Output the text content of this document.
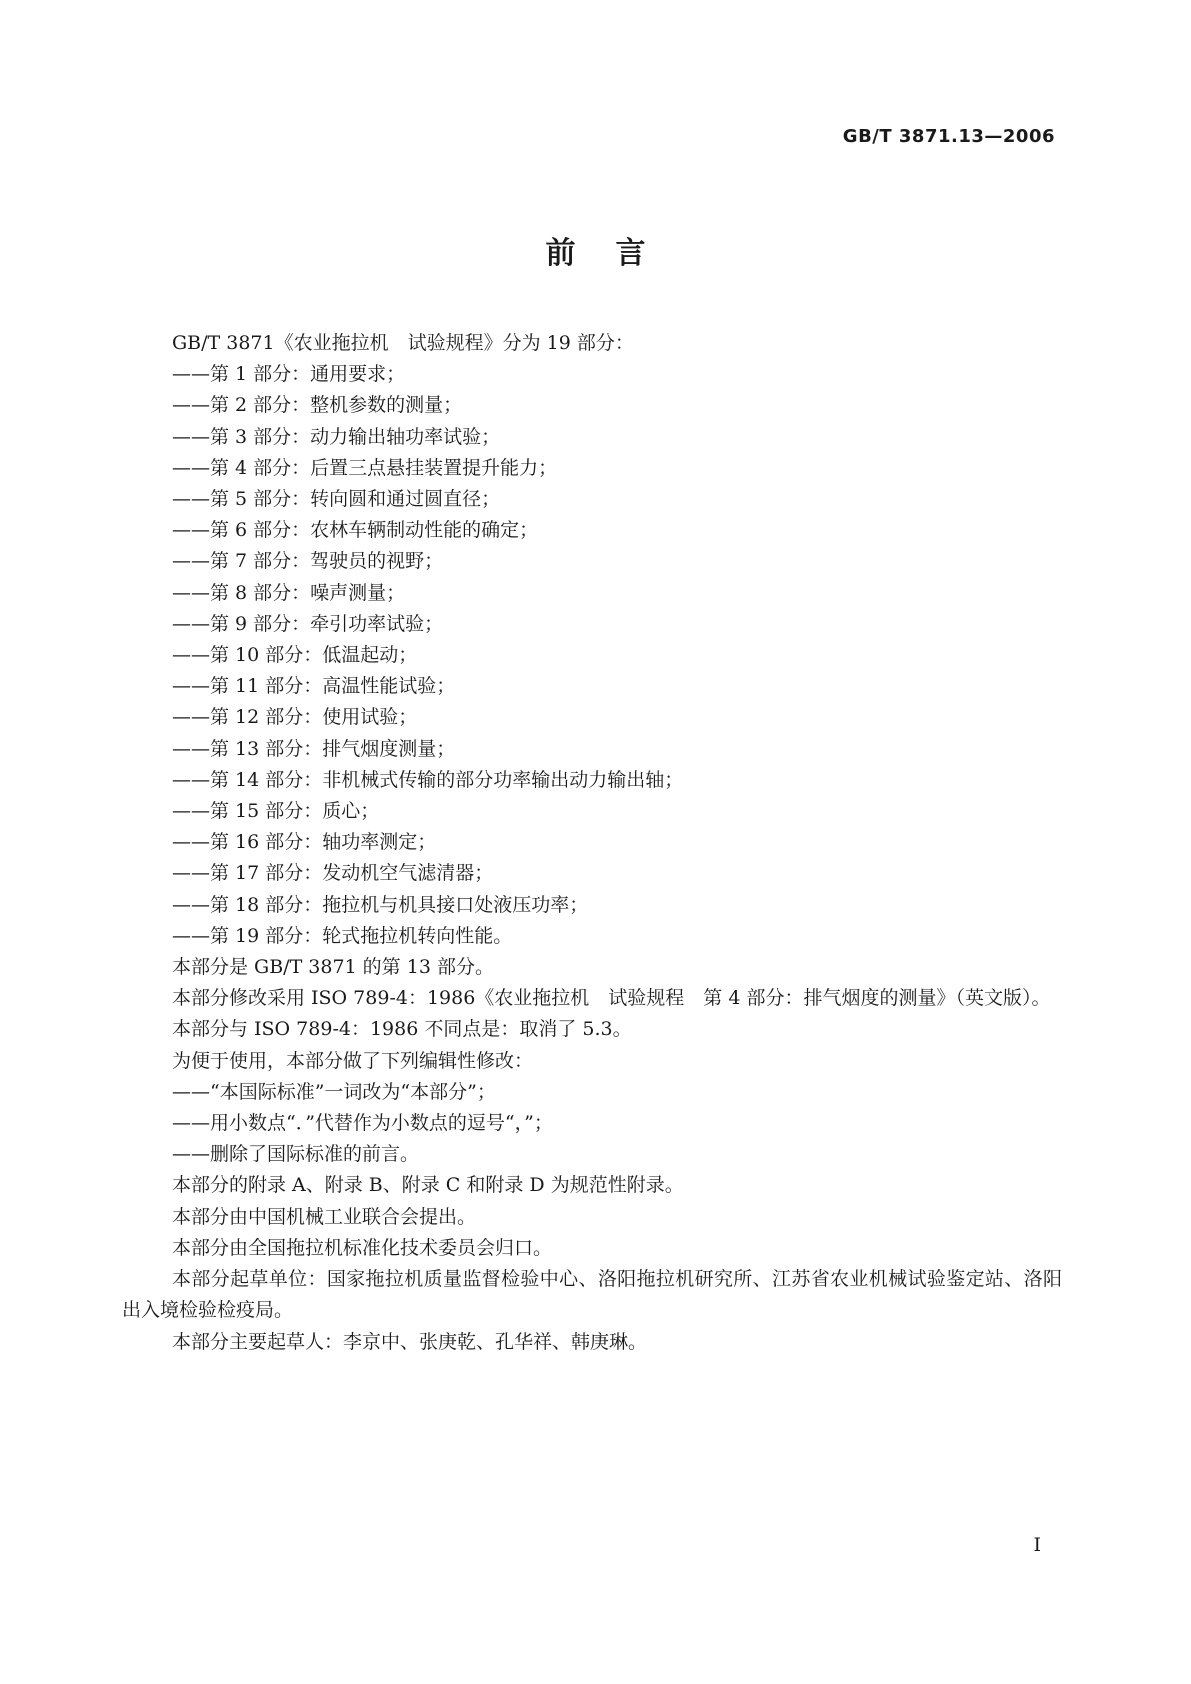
GB/T 3871.13—2006
前言

GB/T 3871《农业拖拉机　试验规程》分为 19 部分：

——第 1 部分：通用要求；

——第 2 部分：整机参数的测量；

——第 3 部分：动力输出轴功率试验；

——第 4 部分：后置三点悬挂装置提升能力；

——第 5 部分：转向圆和通过圆直径；

——第 6 部分：农林车辆制动性能的确定；

——第 7 部分：驾驶员的视野；

——第 8 部分：噪声测量；

——第 9 部分：牵引功率试验；

——第 10 部分：低温起动；

——第 11 部分：高温性能试验；

——第 12 部分：使用试验；

——第 13 部分：排气烟度测量；

——第 14 部分：非机械式传输的部分功率输出动力输出轴；

——第 15 部分：质心；

——第 16 部分：轴功率测定；

——第 17 部分：发动机空气滤清器；

——第 18 部分：拖拉机与机具接口处液压功率；

——第 19 部分：轮式拖拉机转向性能。

本部分是 GB/T 3871 的第 13 部分。

本部分修改采用 ISO 789-4：1986《农业拖拉机　试验规程　第 4 部分：排气烟度的测量》（英文版）。

本部分与 ISO 789-4：1986 不同点是：取消了 5.3。

为便于使用，本部分做了下列编辑性修改：

——“本国际标准”一词改为“本部分”；

——用小数点“．”代替作为小数点的逗号“，”；

——删除了国际标准的前言。

本部分的附录 A、附录 B、附录 C 和附录 D 为规范性附录。

本部分由中国机械工业联合会提出。

本部分由全国拖拉机标准化技术委员会归口。

本部分起草单位：国家拖拉机质量监督检验中心、洛阳拖拉机研究所、江苏省农业机械试验鉴定站、洛阳出入境检验检疫局。

本部分主要起草人：李京中、张庚乾、孔华祥、韩庚琳。

I
